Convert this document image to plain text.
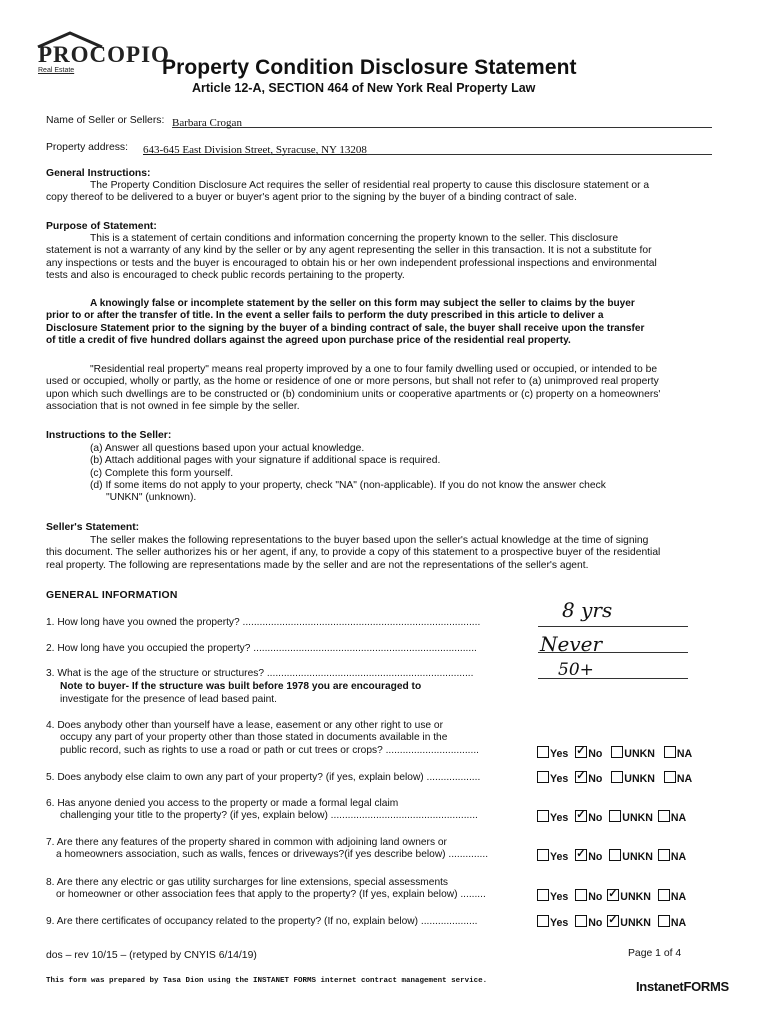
PROCOPIO
Real Estate	Property Condition Disclosure Statement
Article 12-A, SECTION 464 of New York Real Property Law
Name of Seller or Sellers: Barbara Crogan
Property address: 643-645 East Division Street, Syracuse, NY 13208
General Instructions:
The Property Condition Disclosure Act requires the seller of residential real property to cause this disclosure statement or a
copy thereof to be delivered to a buyer or buyer's agent prior to the signing by the buyer of a binding contract of sale.
Purpose of Statement:
This is a statement of certain conditions and information concerning the property known to the seller. This disclosure
statement is not a warranty of any kind by the seller or by any agent representing the seller in this transaction. It is not a substitute for
any inspections or tests and the buyer is encouraged to obtain his or her own independent professional inspections and environmental
tests and also is encouraged to check public records pertaining to the property.
A knowingly false or incomplete statement by the seller on this form may subject the seller to claims by the buyer
prior to or after the transfer of title. In the event a seller fails to perform the duty prescribed in this article to deliver a
Disclosure Statement prior to the signing by the buyer of a binding contract of sale, the buyer shall receive upon the transfer
of title a credit of five hundred dollars against the agreed upon purchase price of the residential real property.
"Residential real property" means real property improved by a one to four family dwelling used or occupied, or intended to be
used or occupied, wholly or partly, as the home or residence of one or more persons, but shall not refer to (a) unimproved real property
upon which such dwellings are to be constructed or (b) condominium units or cooperative apartments or (c) property on a homeowners'
association that is not owned in fee simple by the seller.
Instructions to the Seller:
(a) Answer all questions based upon your actual knowledge.
(b) Attach additional pages with your signature if additional space is required.
(c) Complete this form yourself.
(d) If some items do not apply to your property, check "NA" (non-applicable). If you do not know the answer check
"UNKN" (unknown).
Seller's Statement:
The seller makes the following representations to the buyer based upon the seller's actual knowledge at the time of signing
this document. The seller authorizes his or her agent, if any, to provide a copy of this statement to a prospective buyer of the residential
real property. The following are representations made by the seller and are not the representations of the seller's agent.
GENERAL INFORMATION
1. How long have you owned the property? ....................................................................................
8 yrs
2. How long have you occupied the property? ...............................................................................	Never
3. What is the age of the structure or structures? .........................................................................	50+
Note to buyer- If the structure was built before 1978 you are encouraged to
investigate for the presence of lead based paint.
4. Does anybody other than yourself have a lease, easement or any other right to use or
occupy any part of your property other than those stated in documents available in the
public record, such as rights to use a road or path or cut trees or crops? .................................	Yes ✓ No UNKN NA
5. Does anybody else claim to own any part of your property? (if yes, explain below) ...................	Yes ✓ No UNKN NA
6. Has anyone denied you access to the property or made a formal legal claim
challenging your title to the property? (if yes, explain below) ....................................................	Yes ✓ No UNKN NA
7. Are there any features of the property shared in common with adjoining land owners or
a homeowners association, such as walls, fences or driveways?(if yes describe below) ..............	Yes ✓ No UNKN NA
8. Are there any electric or gas utility surcharges for line extensions, special assessments
or homeowner or other association fees that apply to the property? (If yes, explain below) .........	Yes No ✓ UNKN NA
9. Are there certificates of occupancy related to the property? (If no, explain below) ....................	Yes No ✓ UNKN NA
dos – rev 10/15 – (retyped by CNYIS 6/14/19)	Page 1 of 4
This form was prepared by Tasa Dion using the INSTANET FORMS internet contract management service.	InstanetFORMS
